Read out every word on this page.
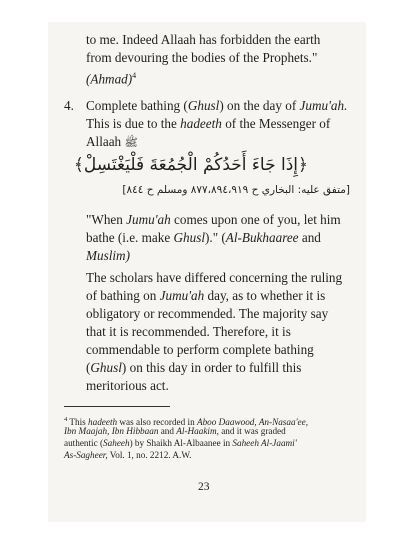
to me. Indeed Allaah has forbidden the earth
from devouring the bodies of the Prophets."
(Ahmad)$^4$
4. Complete bathing (Ghusl) on the day of Jumu'ah.
This is due to the hadeeth of the Messenger of
Allaah ﷺ
﴿إِذَا جَاءَ أَحَدُكُمْ الْجُمُعَةَ فَلْيَغْتَسِلْ﴾
[متفق عليه: البخاري ح ٨٧٧،٨٩٤،٩١٩ ومسلم ح ٨٤٤]
"When Jumu'ah comes upon one of you, let him
bathe (i.e. make Ghusl)." (Al-Bukhaaree and
Muslim)
The scholars have differed concerning the ruling
of bathing on Jumu'ah day, as to whether it is
obligatory or recommended. The majority say
that it is recommended. Therefore, it is
commendable to perform complete bathing
(Ghusl) on this day in order to fulfill this
meritorious act.
$^4$ This hadeeth was also recorded in Aboo Daawood, An-Nasaa'ee,
Ibn Maajah, Ibn Hibbaan and Al-Haakim, and it was graded
authentic (Saheeh) by Shaikh Al-Albaanee in Saheeh Al-Jaami'
As-Sagheer, Vol. 1, no. 2212. A.W.
23
